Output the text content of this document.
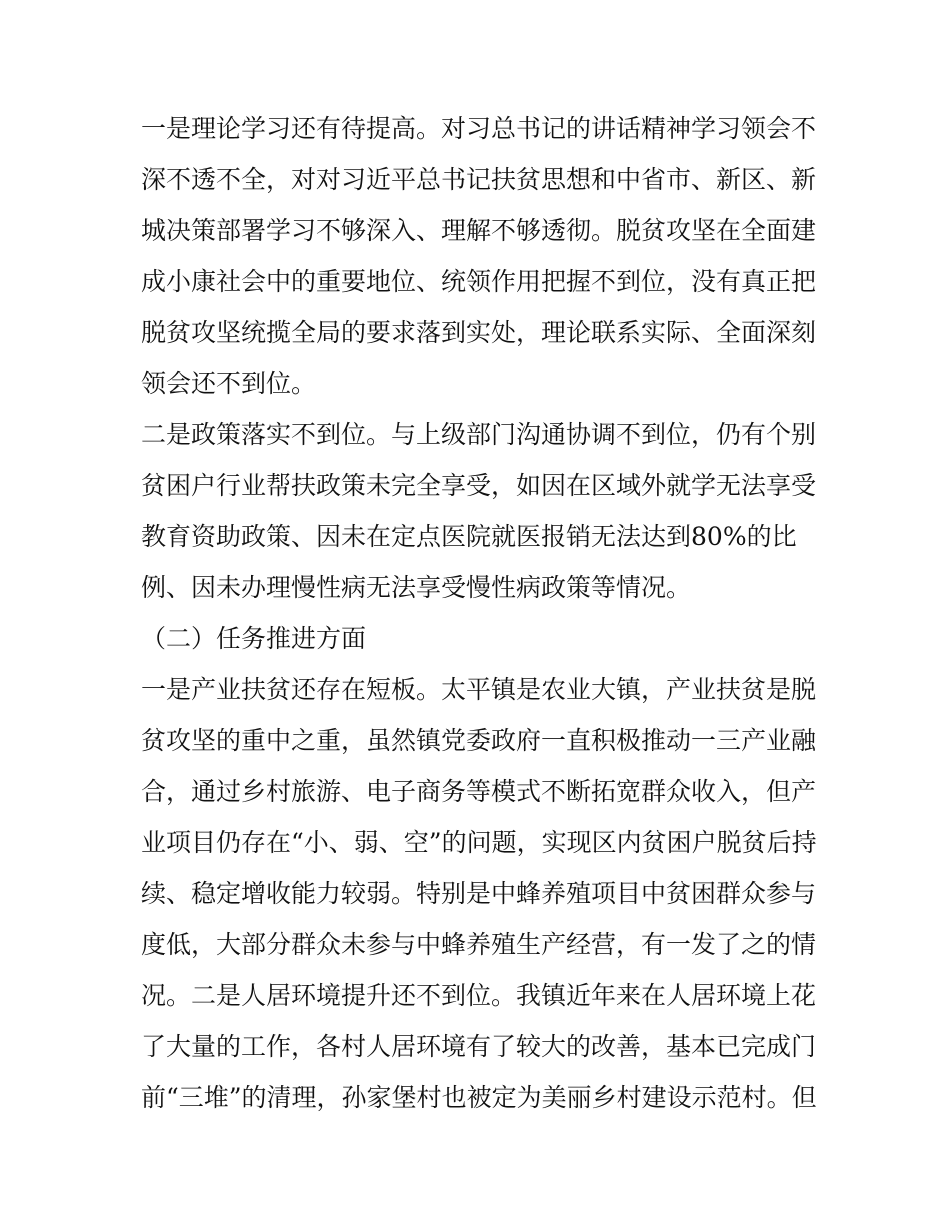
一是理论学习还有待提高。对习总书记的讲话精神学习领会不
深不透不全，对对习近平总书记扶贫思想和中省市、新区、新
城决策部署学习不够深入、理解不够透彻。脱贫攻坚在全面建
成小康社会中的重要地位、统领作用把握不到位，没有真正把
脱贫攻坚统揽全局的要求落到实处，理论联系实际、全面深刻
领会还不到位。
二是政策落实不到位。与上级部门沟通协调不到位，仍有个别
贫困户行业帮扶政策未完全享受，如因在区域外就学无法享受
教育资助政策、因未在定点医院就医报销无法达到80%的比
例、因未办理慢性病无法享受慢性病政策等情况。
（二）任务推进方面
一是产业扶贫还存在短板。太平镇是农业大镇，产业扶贫是脱
贫攻坚的重中之重，虽然镇党委政府一直积极推动一三产业融
合，通过乡村旅游、电子商务等模式不断拓宽群众收入，但产
业项目仍存在“小、弱、空”的问题，实现区内贫困户脱贫后持
续、稳定增收能力较弱。特别是中蜂养殖项目中贫困群众参与
度低，大部分群众未参与中蜂养殖生产经营，有一发了之的情
况。二是人居环境提升还不到位。我镇近年来在人居环境上花
了大量的工作，各村人居环境有了较大的改善，基本已完成门
前“三堆”的清理，孙家堡村也被定为美丽乡村建设示范村。但
